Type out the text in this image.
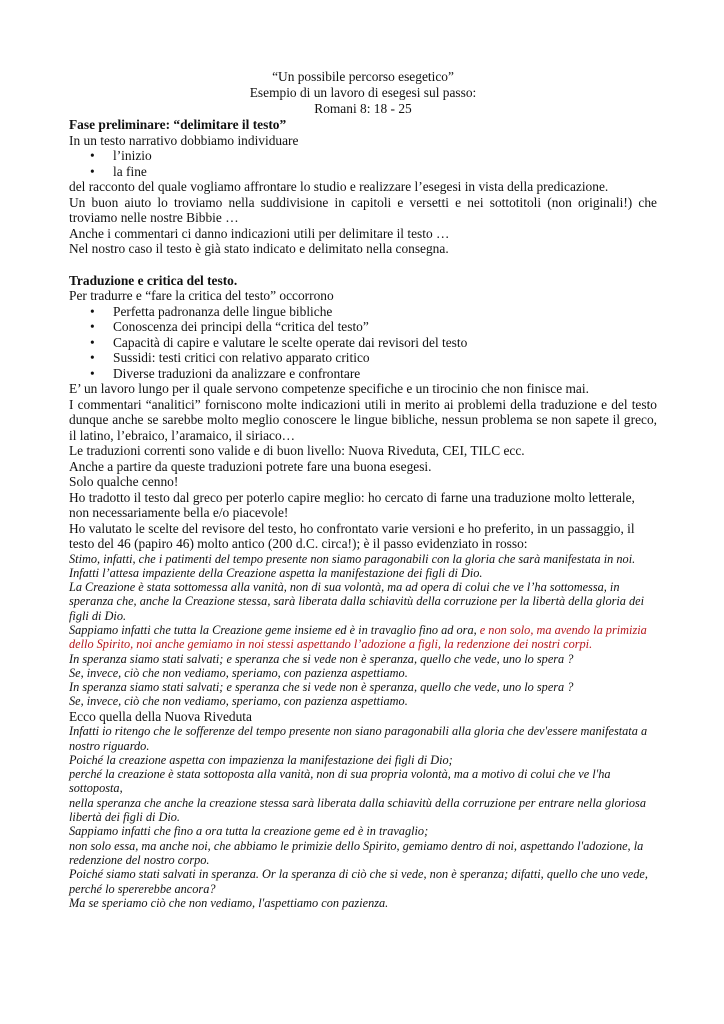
“Un possibile percorso esegetico”
Esempio di un lavoro di esegesi sul passo:
Romani 8: 18 - 25

Fase preliminare: “delimitare il testo”

In un testo narrativo dobbiamo individuare

• l’inizio
• la fine

del racconto del quale vogliamo affrontare lo studio e realizzare l’esegesi in vista della predicazione.

Un buon aiuto lo troviamo nella suddivisione in capitoli e versetti e nei sottotitoli (non originali!) che troviamo nelle nostre Bibbie …

Anche i commentari ci danno indicazioni utili per delimitare il testo …

Nel nostro caso il testo è già stato indicato e delimitato nella consegna.

Traduzione e critica del testo.

Per tradurre e “fare la critica del testo” occorrono

• Perfetta padronanza delle lingue bibliche
• Conoscenza dei principi della “critica del testo”
• Capacità di capire e valutare le scelte operate dai revisori del testo
• Sussidi: testi critici con relativo apparato critico
• Diverse traduzioni da analizzare e confrontare

E’ un lavoro lungo per il quale servono competenze specifiche e un tirocinio che non finisce mai.

I commentari “analitici” forniscono molte indicazioni utili in merito ai problemi della traduzione e del testo dunque anche se sarebbe molto meglio conoscere le lingue bibliche, nessun problema se non sapete il greco, il latino, l’ebraico, l’aramaico, il siriaco…

Le traduzioni correnti sono valide e di buon livello: Nuova Riveduta, CEI, TILC ecc.

Anche a partire da queste traduzioni potrete fare una buona esegesi.

Solo qualche cenno!

Ho tradotto il testo dal greco per poterlo capire meglio: ho cercato di farne una traduzione molto letterale, non necessariamente bella e/o piacevole!

Ho valutato le scelte del revisore del testo, ho confrontato varie versioni e ho preferito, in un passaggio, il testo del 46 (papiro 46) molto antico (200 d.C. circa!); è il passo evidenziato in rosso:

Stimo, infatti, che i patimenti del tempo presente non siamo paragonabili con la gloria che sarà manifestata in noi.

Infatti l’attesa impaziente della Creazione aspetta la manifestazione dei figli di Dio.

La Creazione è stata sottomessa alla vanità, non di sua volontà, ma ad opera di colui che ve l’ha sottomessa, in speranza che, anche la Creazione stessa, sarà liberata dalla schiavitù della corruzione per la libertà della gloria dei figli di Dio.

Sappiamo infatti che tutta la Creazione geme insieme ed è in travaglio fino ad ora, e non solo, ma avendo la primizia dello Spirito, noi anche gemiamo in noi stessi aspettando l’adozione a figli, la redenzione dei nostri corpi.

In speranza siamo stati salvati; e speranza che si vede non è speranza, quello che vede, uno lo spera ?

Se, invece, ciò che non vediamo, speriamo, con pazienza aspettiamo.

In speranza siamo stati salvati; e speranza che si vede non è speranza, quello che vede, uno lo spera ?

Se, invece, ciò che non vediamo, speriamo, con pazienza aspettiamo.

Ecco quella della Nuova Riveduta

Infatti io ritengo che le sofferenze del tempo presente non siano paragonabili alla gloria che dev'essere manifestata a nostro riguardo.

Poiché la creazione aspetta con impazienza la manifestazione dei figli di Dio;

perché la creazione è stata sottoposta alla vanità, non di sua propria volontà, ma a motivo di colui che ve l'ha sottoposta,

nella speranza che anche la creazione stessa sarà liberata dalla schiavitù della corruzione per entrare nella gloriosa libertà dei figli di Dio.

Sappiamo infatti che fino a ora tutta la creazione geme ed è in travaglio;

non solo essa, ma anche noi, che abbiamo le primizie dello Spirito, gemiamo dentro di noi, aspettando l'adozione, la redenzione del nostro corpo.

Poiché siamo stati salvati in speranza. Or la speranza di ciò che si vede, non è speranza; difatti, quello che uno vede, perché lo spererebbe ancora?

Ma se speriamo ciò che non vediamo, l'aspettiamo con pazienza.
